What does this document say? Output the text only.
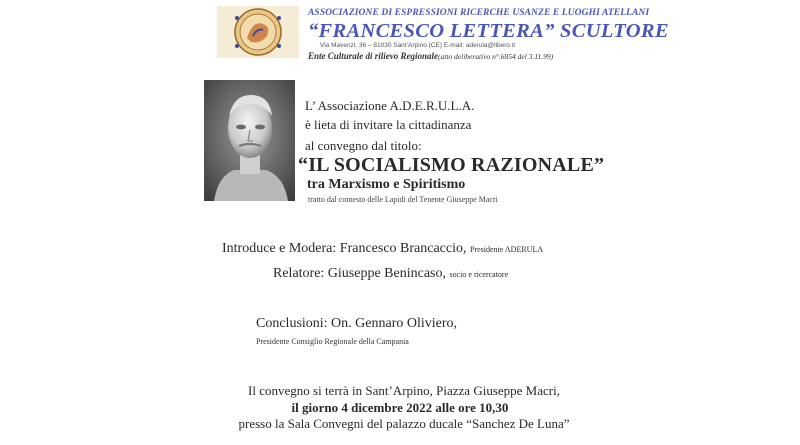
ASSOCIAZIONE DI ESPRESSIONI RICERCHE USANZE E LUOGHI ATELLANI
“FRANCESCO LETTERA” SCULTORE
Via Mavenzi, 36 – 81030 Sant’Arpino (CE) E-mail: aderula@libero.it
Ente Culturale di rilievo Regionale(atto deliberativo n°.6854 del 3.11.99)
L’ Associazione A.D.E.R.U.L.A.
è lieta di invitare la cittadinanza
al convegno dal titolo:
“IL SOCIALISMO RAZIONALE”
tra Marxismo e Spiritismo
tratto dal contesto delle Lapidi del Tenente Giuseppe Macri
Introduce e Modera: Francesco Brancaccio, Presidente ADERULA
Relatore: Giuseppe Benincaso, socio e ricercatore
Conclusioni: On. Gennaro Oliviero,
Presidente Consiglio Regionale della Campania
Il convegno si terrà in Sant’Arpino, Piazza Giuseppe Macri,
il giorno 4 dicembre 2022 alle ore 10,30
presso la Sala Convegni del palazzo ducale “Sanchez De Luna”
